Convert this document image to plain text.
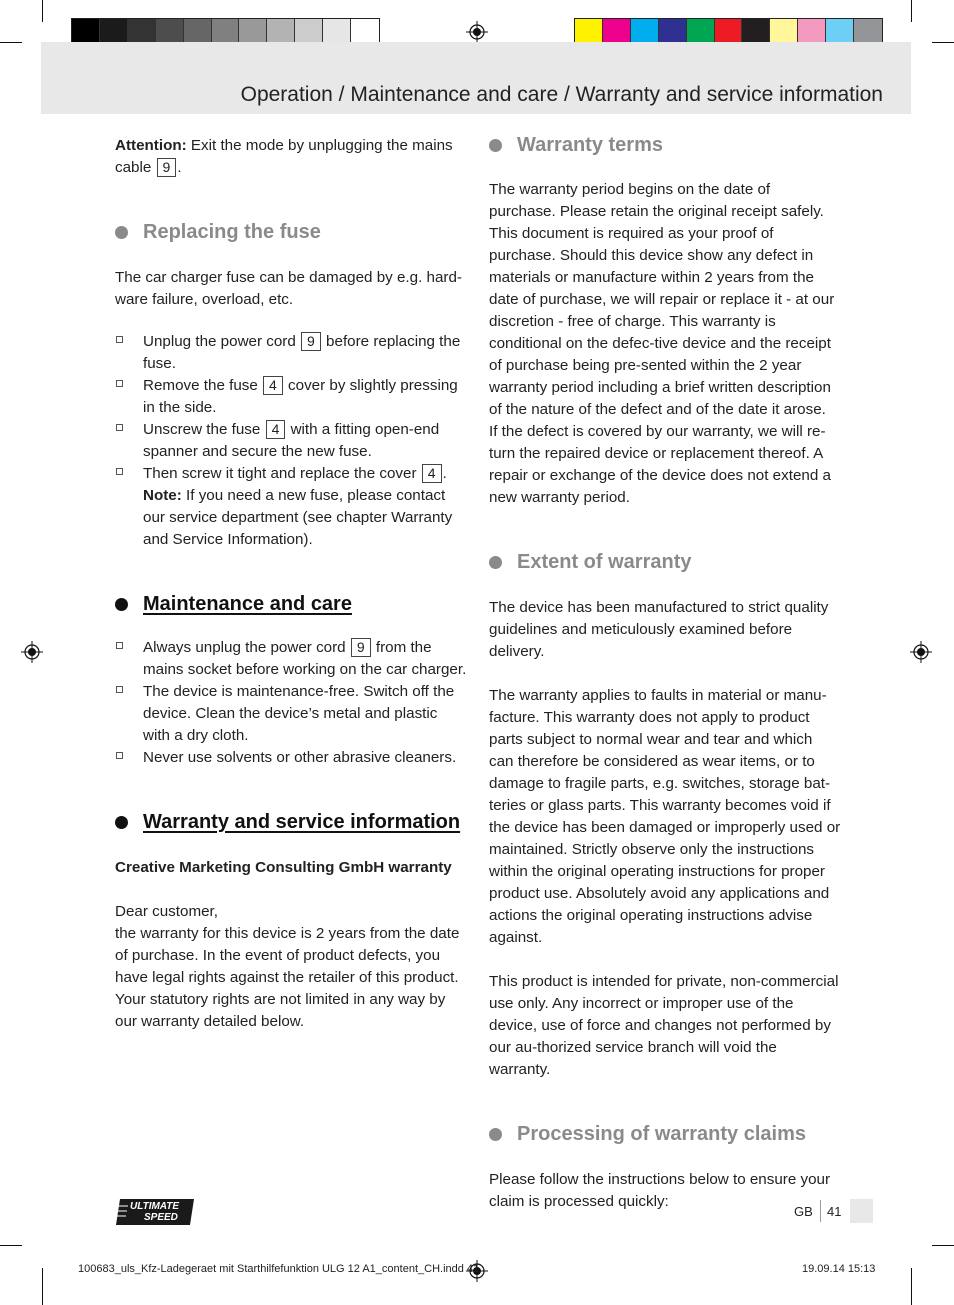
Operation / Maintenance and care / Warranty and service information

Attention: Exit the mode by unplugging the mains cable 9 .

Replacing the fuse

The car charger fuse can be damaged by e.g. hard-ware failure, overload, etc.

Unplug the power cord 9 before replacing the fuse.
Remove the fuse 4 cover by slightly pressing in the side.
Unscrew the fuse 4 with a fitting open-end spanner and secure the new fuse.
Then screw it tight and replace the cover 4 .
Note: If you need a new fuse, please contact our service department (see chapter Warranty and Service Information).
Maintenance and care
Always unplug the power cord 9 from the mains socket before working on the car charger.
The device is maintenance-free. Switch off the device. Clean the device’s metal and plastic with a dry cloth.
Never use solvents or other abrasive cleaners.
Warranty and service information

Creative Marketing Consulting GmbH warranty

Dear customer,

the warranty for this device is 2 years from the date of purchase. In the event of product defects, you have legal rights against the retailer of this product. Your statutory rights are not limited in any way by our warranty detailed below.

Warranty terms

The warranty period begins on the date of purchase. Please retain the original receipt safely.

This document is required as your proof of purchase. Should this device show any defect in materials or manufacture within 2 years from the date of purchase, we will repair or replace it - at our discretion - free of charge. This warranty is conditional on the defec-tive device and the receipt of purchase being pre-sented within the 2 year warranty period including a brief written description of the nature of the defect and of the date it arose.

If the defect is covered by our warranty, we will re-turn the repaired device or replacement thereof. A repair or exchange of the device does not extend a new warranty period.

Extent of warranty

The device has been manufactured to strict quality guidelines and meticulously examined before delivery.

The warranty applies to faults in material or manu-facture. This warranty does not apply to product parts subject to normal wear and tear and which can therefore be considered as wear items, or to damage to fragile parts, e.g. switches, storage bat-teries or glass parts. This warranty becomes void if the device has been damaged or improperly used or maintained. Strictly observe only the instructions within the original operating instructions for proper product use. Absolutely avoid any applications and actions the original operating instructions advise against.

This product is intended for private, non-commercial use only. Any incorrect or improper use of the device, use of force and changes not performed by our au-thorized service branch will void the warranty.

Processing of warranty claims

Please follow the instructions below to ensure your claim is processed quickly:

ULTIMATE
SPEED	GB 41
100683_uls_Kfz-Ladegeraet mit Starthilfefunktion ULG 12 A1_content_CH.indd 41	19.09.14 15:13
